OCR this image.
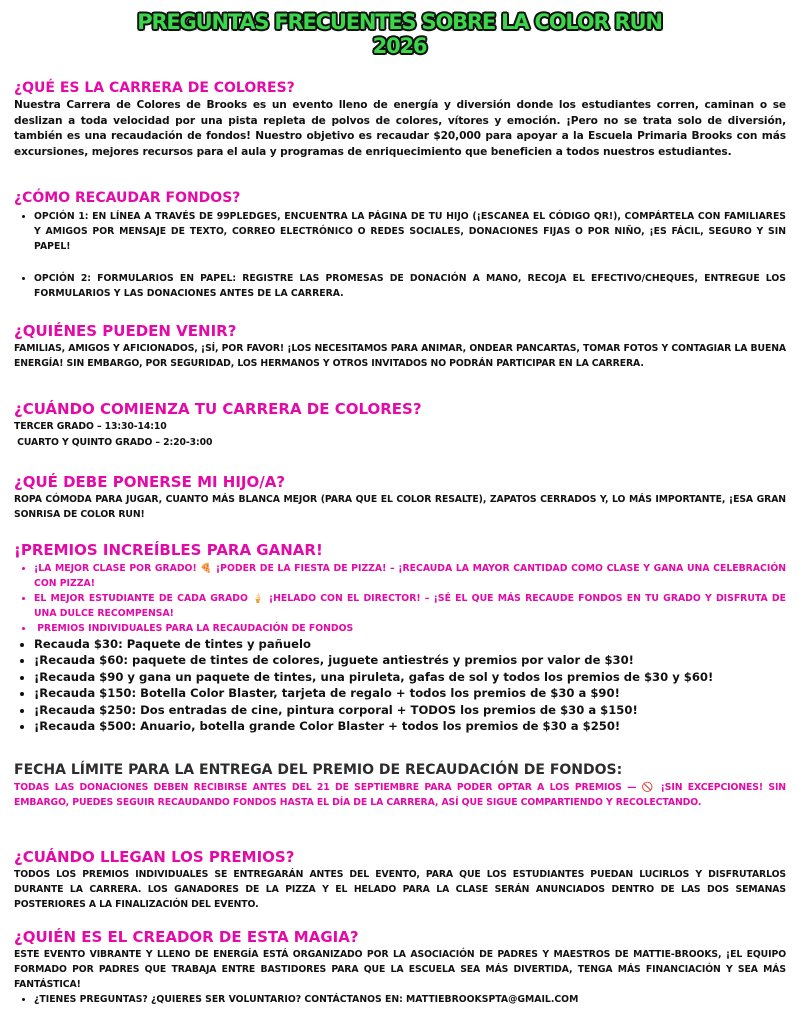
PREGUNTAS FRECUENTES SOBRE LA COLOR RUN
2026
¿QUÉ ES LA CARRERA DE COLORES?

Nuestra Carrera de Colores de Brooks es un evento lleno de energía y diversión donde los estudiantes corren, caminan o se deslizan a toda velocidad por una pista repleta de polvos de colores, vítores y emoción. ¡Pero no se trata solo de diversión, también es una recaudación de fondos! Nuestro objetivo es recaudar $20,000 para apoyar a la Escuela Primaria Brooks con más excursiones, mejores recursos para el aula y programas de enriquecimiento que beneficien a todos nuestros estudiantes.

¿CÓMO RECAUDAR FONDOS?
• OPCIÓN 1: EN LÍNEA A TRAVÉS DE 99PLEDGES, ENCUENTRA LA PÁGINA DE TU HIJO (¡ESCANEA EL CÓDIGO QR!), COMPÁRTELA CON FAMILIARES Y AMIGOS POR MENSAJE DE TEXTO, CORREO ELECTRÓNICO O REDES SOCIALES, DONACIONES FIJAS O POR NIÑO, ¡ES FÁCIL, SEGURO Y SIN PAPEL!
• OPCIÓN 2: FORMULARIOS EN PAPEL: REGISTRE LAS PROMESAS DE DONACIÓN A MANO, RECOJA EL EFECTIVO/CHEQUES, ENTREGUE LOS FORMULARIOS Y LAS DONACIONES ANTES DE LA CARRERA.
¿QUIÉNES PUEDEN VENIR?

FAMILIAS, AMIGOS Y AFICIONADOS, ¡SÍ, POR FAVOR! ¡LOS NECESITAMOS PARA ANIMAR, ONDEAR PANCARTAS, TOMAR FOTOS Y CONTAGIAR LA BUENA ENERGÍA! SIN EMBARGO, POR SEGURIDAD, LOS HERMANOS Y OTROS INVITADOS NO PODRÁN PARTICIPAR EN LA CARRERA.

¿CUÁNDO COMIENZA TU CARRERA DE COLORES?

TERCER GRADO – 13:30-14:10

CUARTO Y QUINTO GRADO – 2:20-3:00

¿QUÉ DEBE PONERSE MI HIJO/A?

ROPA CÓMODA PARA JUGAR, CUANTO MÁS BLANCA MEJOR (PARA QUE EL COLOR RESALTE), ZAPATOS CERRADOS Y, LO MÁS IMPORTANTE, ¡ESA GRAN SONRISA DE COLOR RUN!

¡PREMIOS INCREÍBLES PARA GANAR!
• ¡LA MEJOR CLASE POR GRADO! 🍕 ¡PODER DE LA FIESTA DE PIZZA! – ¡RECAUDA LA MAYOR CANTIDAD COMO CLASE Y GANA UNA CELEBRACIÓN CON PIZZA!
• EL MEJOR ESTUDIANTE DE CADA GRADO 🍦 ¡HELADO CON EL DIRECTOR! – ¡SÉ EL QUE MÁS RECAUDE FONDOS EN TU GRADO Y DISFRUTA DE UNA DULCE RECOMPENSA!
•  PREMIOS INDIVIDUALES PARA LA RECAUDACIÓN DE FONDOS
• Recauda $30: Paquete de tintes y pañuelo
• ¡Recauda $60: paquete de tintes de colores, juguete antiestrés y premios por valor de $30!
• ¡Recauda $90 y gana un paquete de tintes, una piruleta, gafas de sol y todos los premios de $30 y $60!
• ¡Recauda $150: Botella Color Blaster, tarjeta de regalo + todos los premios de $30 a $90!
• ¡Recauda $250: Dos entradas de cine, pintura corporal + TODOS los premios de $30 a $150!
• ¡Recauda $500: Anuario, botella grande Color Blaster + todos los premios de $30 a $250!
FECHA LÍMITE PARA LA ENTREGA DEL PREMIO DE RECAUDACIÓN DE FONDOS:

TODAS LAS DONACIONES DEBEN RECIBIRSE ANTES DEL 21 DE SEPTIEMBRE PARA PODER OPTAR A LOS PREMIOS — 🚫 ¡SIN EXCEPCIONES! SIN EMBARGO, PUEDES SEGUIR RECAUDANDO FONDOS HASTA EL DÍA DE LA CARRERA, ASÍ QUE SIGUE COMPARTIENDO Y RECOLECTANDO.

¿CUÁNDO LLEGAN LOS PREMIOS?

TODOS LOS PREMIOS INDIVIDUALES SE ENTREGARÁN ANTES DEL EVENTO, PARA QUE LOS ESTUDIANTES PUEDAN LUCIRLOS Y DISFRUTARLOS DURANTE LA CARRERA. LOS GANADORES DE LA PIZZA Y EL HELADO PARA LA CLASE SERÁN ANUNCIADOS DENTRO DE LAS DOS SEMANAS POSTERIORES A LA FINALIZACIÓN DEL EVENTO.

¿QUIÉN ES EL CREADOR DE ESTA MAGIA?

ESTE EVENTO VIBRANTE Y LLENO DE ENERGÍA ESTÁ ORGANIZADO POR LA ASOCIACIÓN DE PADRES Y MAESTROS DE MATTIE-BROOKS, ¡EL EQUIPO FORMADO POR PADRES QUE TRABAJA ENTRE BASTIDORES PARA QUE LA ESCUELA SEA MÁS DIVERTIDA, TENGA MÁS FINANCIACIÓN Y SEA MÁS FANTÁSTICA!

• ¿TIENES PREGUNTAS? ¿QUIERES SER VOLUNTARIO? CONTÁCTANOS EN: MATTIEBROOKSPTA@GMAIL.COM
